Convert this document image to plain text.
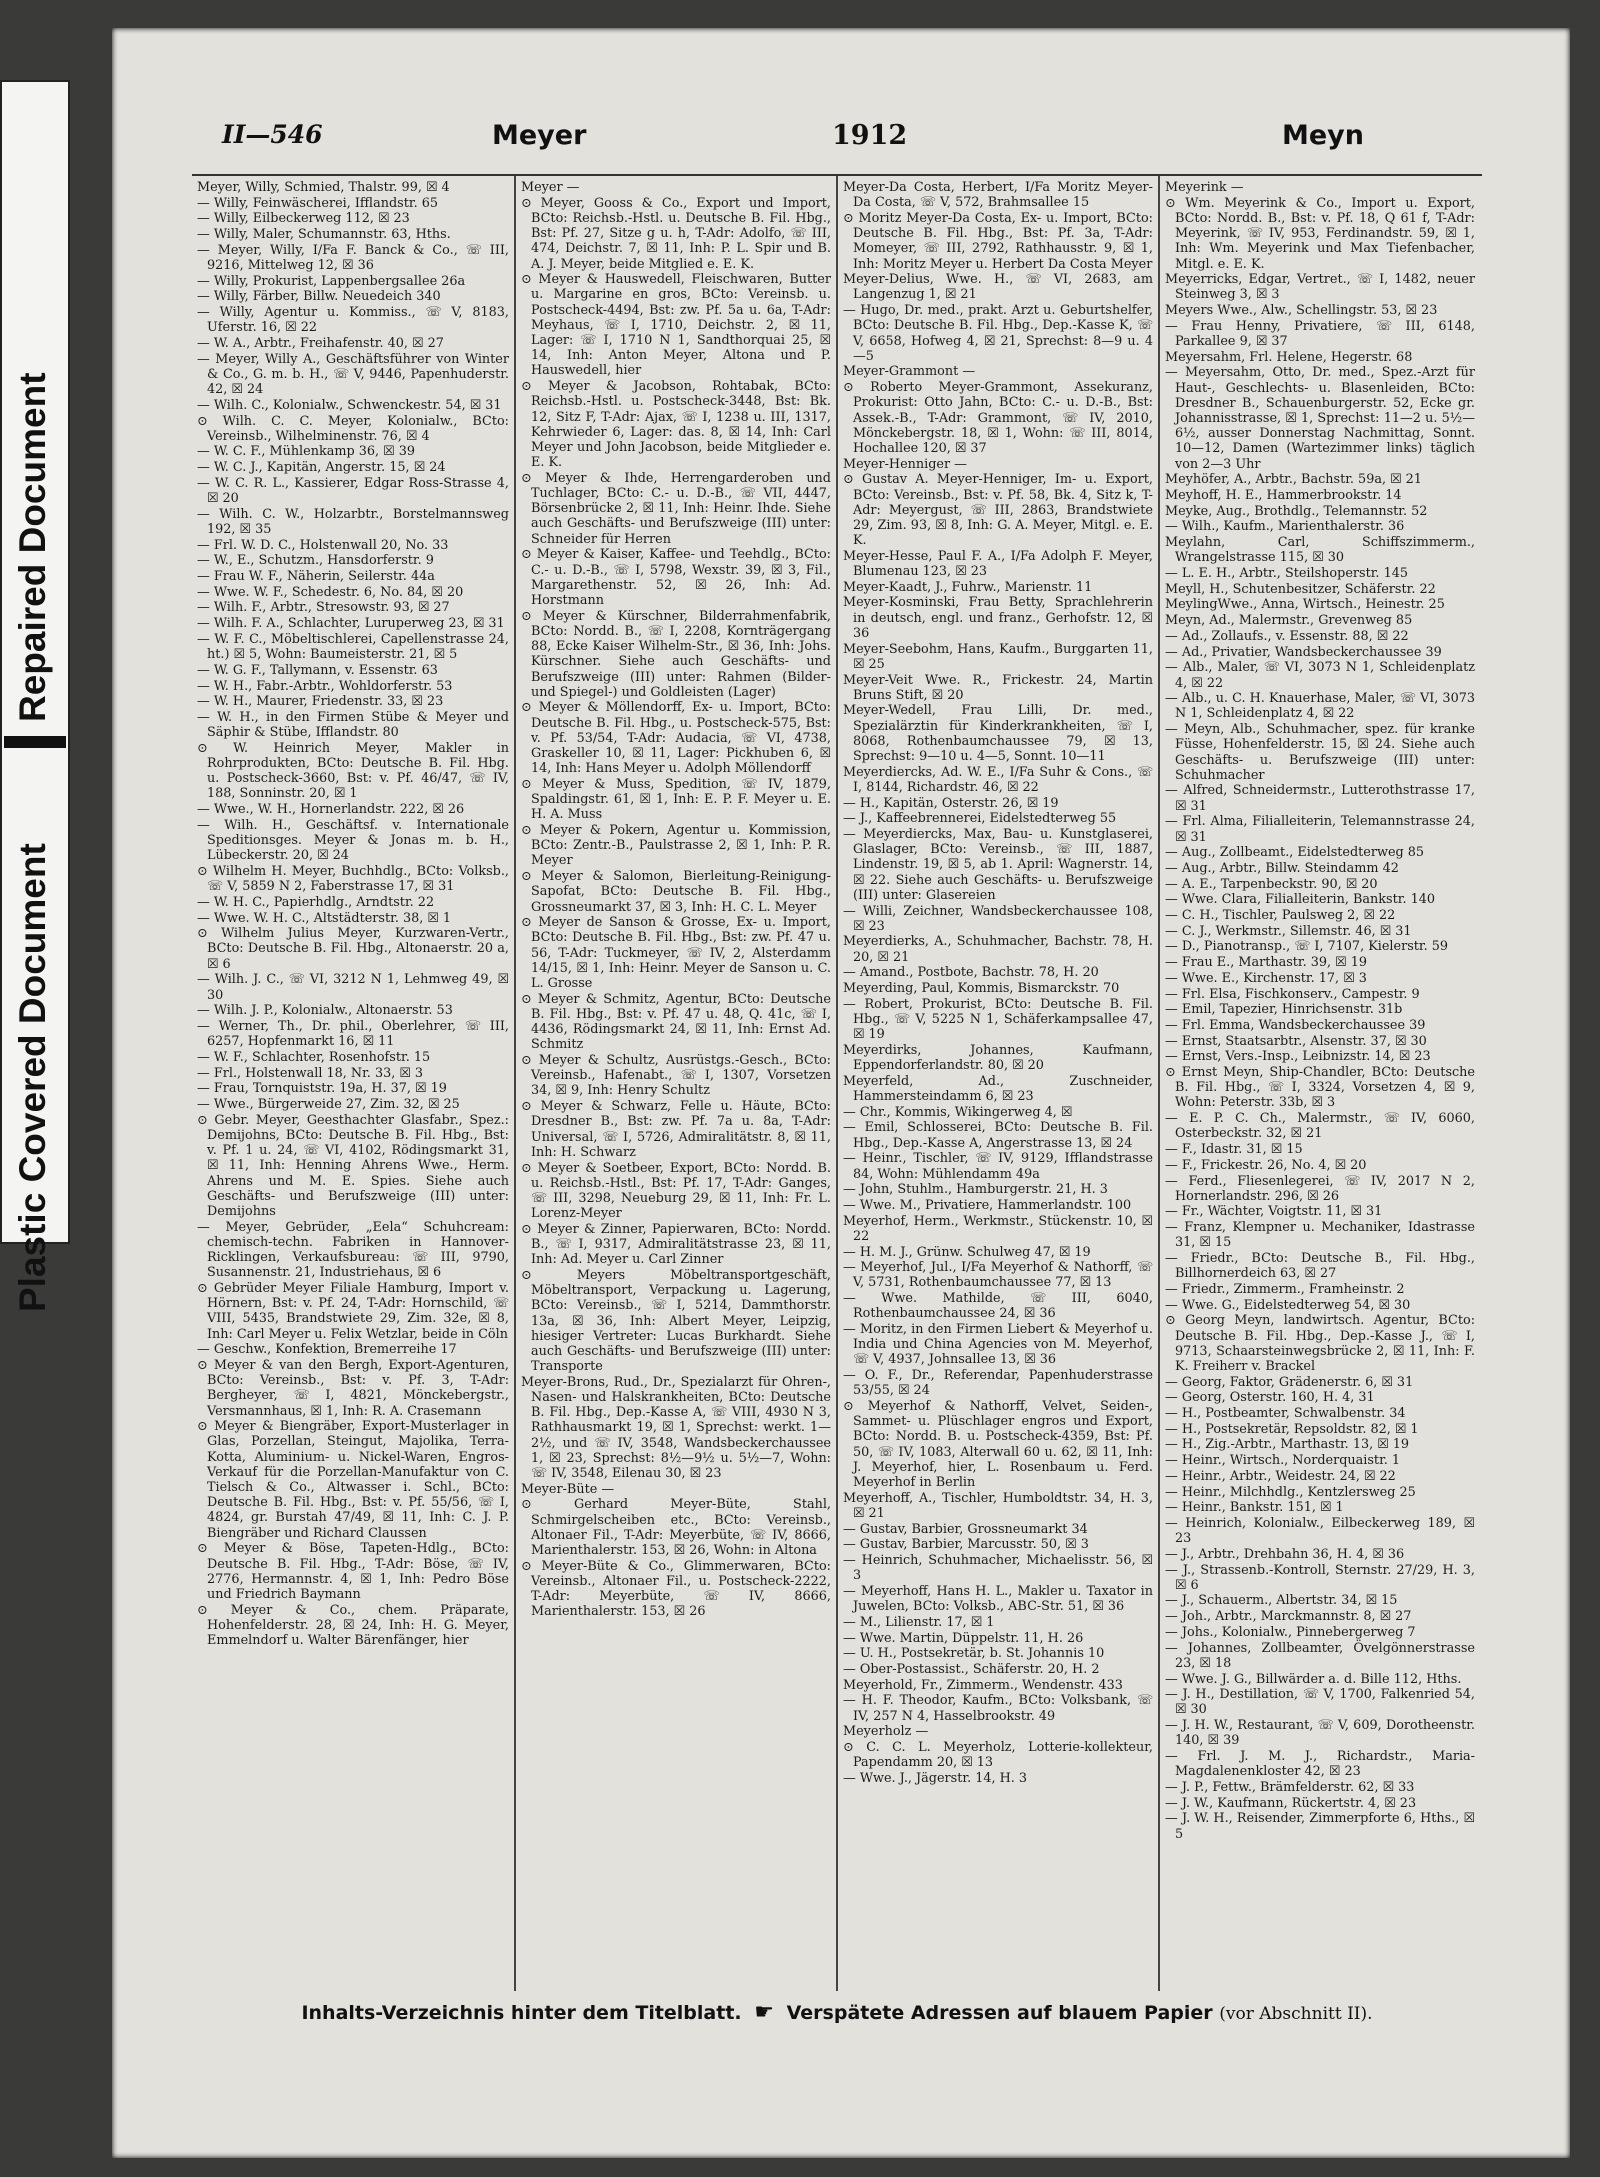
Repaired Document
Plastic Covered Document
II—546	Meyer	1912	Meyn
Meyer, Willy, Schmied, Thalstr. 99, ☒ 4
— Willy, Feinwäscherei, Ifflandstr. 65
— Willy, Eilbeckerweg 112, ☒ 23
— Willy, Maler, Schumannstr. 63, Hths.
— Meyer, Willy, I/Fa F. Banck & Co., ☏ III, 9216, Mittelweg 12, ☒ 36
— Willy, Prokurist, Lappenbergsallee 26a
— Willy, Färber, Billw. Neuedeich 340
— Willy, Agentur u. Kommiss., ☏ V, 8183, Uferstr. 16, ☒ 22
— W. A., Arbtr., Freihafenstr. 40, ☒ 27
— Meyer, Willy A., Geschäftsführer von Winter & Co., G. m. b. H., ☏ V, 9446, Papenhuderstr. 42, ☒ 24
— Wilh. C., Kolonialw., Schwenckestr. 54, ☒ 31
⊙ Wilh. C. C. Meyer, Kolonialw., BCto: Vereinsb., Wilhelminenstr. 76, ☒ 4
— W. C. F., Mühlenkamp 36, ☒ 39
— W. C. J., Kapitän, Angerstr. 15, ☒ 24
— W. C. R. L., Kassierer, Edgar Ross-Strasse 4, ☒ 20
— Wilh. C. W., Holzarbtr., Borstelmannsweg 192, ☒ 35
— Frl. W. D. C., Holstenwall 20, No. 33
— W., E., Schutzm., Hansdorferstr. 9
— Frau W. F., Näherin, Seilerstr. 44a
— Wwe. W. F., Schedestr. 6, No. 84, ☒ 20
— Wilh. F., Arbtr., Stresowstr. 93, ☒ 27
— Wilh. F. A., Schlachter, Luruperweg 23, ☒ 31
— W. F. C., Möbeltischlerei, Capellenstrasse 24, ht.) ☒ 5, Wohn: Baumeisterstr. 21, ☒ 5
— W. G. F., Tallymann, v. Essenstr. 63
— W. H., Fabr.-Arbtr., Wohldorferstr. 53
— W. H., Maurer, Friedenstr. 33, ☒ 23
— W. H., in den Firmen Stübe & Meyer und Säphir & Stübe, Ifflandstr. 80
⊙ W. Heinrich Meyer, Makler in Rohrprodukten, BCto: Deutsche B. Fil. Hbg. u. Postscheck-3660, Bst: v. Pf. 46/47, ☏ IV, 188, Sonninstr. 20, ☒ 1
— Wwe., W. H., Hornerlandstr. 222, ☒ 26
— Wilh. H., Geschäftsf. v. Internationale Speditionsges. Meyer & Jonas m. b. H., Lübeckerstr. 20, ☒ 24
⊙ Wilhelm H. Meyer, Buchhdlg., BCto: Volksb., ☏ V, 5859 N 2, Faberstrasse 17, ☒ 31
— W. H. C., Papierhdlg., Arndtstr. 22
— Wwe. W. H. C., Altstädterstr. 38, ☒ 1
⊙ Wilhelm Julius Meyer, Kurzwaren-Vertr., BCto: Deutsche B. Fil. Hbg., Altonaerstr. 20 a, ☒ 6
— Wilh. J. C., ☏ VI, 3212 N 1, Lehmweg 49, ☒ 30
— Wilh. J. P., Kolonialw., Altonaerstr. 53
— Werner, Th., Dr. phil., Oberlehrer, ☏ III, 6257, Hopfenmarkt 16, ☒ 11
— W. F., Schlachter, Rosenhofstr. 15
— Frl., Holstenwall 18, Nr. 33, ☒ 3
— Frau, Tornquiststr. 19a, H. 37, ☒ 19
— Wwe., Bürgerweide 27, Zim. 32, ☒ 25
⊙ Gebr. Meyer, Geesthachter Glasfabr., Spez.: Demijohns, BCto: Deutsche B. Fil. Hbg., Bst: v. Pf. 1 u. 24, ☏ VI, 4102, Rödingsmarkt 31, ☒ 11, Inh: Henning Ahrens Wwe., Herm. Ahrens und M. E. Spies. Siehe auch Geschäfts- und Berufszweige (III) unter: Demijohns
— Meyer, Gebrüder, „Eela“ Schuhcream: chemisch-techn. Fabriken in Hannover-Ricklingen, Verkaufsbureau: ☏ III, 9790, Susannenstr. 21, Industriehaus, ☒ 6
⊙ Gebrüder Meyer Filiale Hamburg, Import v. Hörnern, Bst: v. Pf. 24, T-Adr: Hornschild, ☏ VIII, 5435, Brandstwiete 29, Zim. 32e, ☒ 8, Inh: Carl Meyer u. Felix Wetzlar, beide in Cöln
— Geschw., Konfektion, Bremerreihe 17
⊙ Meyer & van den Bergh, Export-Agenturen, BCto: Vereinsb., Bst: v. Pf. 3, T-Adr: Bergheyer, ☏ I, 4821, Mönckebergstr., Versmannhaus, ☒ 1, Inh: R. A. Crasemann
⊙ Meyer & Biengräber, Export-Musterlager in Glas, Porzellan, Steingut, Majolika, Terra-Kotta, Aluminium- u. Nickel-Waren, Engros-Verkauf für die Porzellan-Manufaktur von C. Tielsch & Co., Altwasser i. Schl., BCto: Deutsche B. Fil. Hbg., Bst: v. Pf. 55/56, ☏ I, 4824, gr. Burstah 47/49, ☒ 11, Inh: C. J. P. Biengräber und Richard Claussen
⊙ Meyer & Böse, Tapeten-Hdlg., BCto: Deutsche B. Fil. Hbg., T-Adr: Böse, ☏ IV, 2776, Hermannstr. 4, ☒ 1, Inh: Pedro Böse und Friedrich Baymann
⊙ Meyer & Co., chem. Präparate, Hohenfelderstr. 28, ☒ 24, Inh: H. G. Meyer, Emmelndorf u. Walter Bärenfänger, hier
Meyer —
⊙ Meyer, Gooss & Co., Export und Import, BCto: Reichsb.-Hstl. u. Deutsche B. Fil. Hbg., Bst: Pf. 27, Sitze g u. h, T-Adr: Adolfo, ☏ III, 474, Deichstr. 7, ☒ 11, Inh: P. L. Spir und B. A. J. Meyer, beide Mitglied e. E. K.
⊙ Meyer & Hauswedell, Fleischwaren, Butter u. Margarine en gros, BCto: Vereinsb. u. Postscheck-4494, Bst: zw. Pf. 5a u. 6a, T-Adr: Meyhaus, ☏ I, 1710, Deichstr. 2, ☒ 11, Lager: ☏ I, 1710 N 1, Sandthorquai 25, ☒ 14, Inh: Anton Meyer, Altona und P. Hauswedell, hier
⊙ Meyer & Jacobson, Rohtabak, BCto: Reichsb.-Hstl. u. Postscheck-3448, Bst: Bk. 12, Sitz F, T-Adr: Ajax, ☏ I, 1238 u. III, 1317, Kehrwieder 6, Lager: das. 8, ☒ 14, Inh: Carl Meyer und John Jacobson, beide Mitglieder e. E. K.
⊙ Meyer & Ihde, Herrengarderoben und Tuchlager, BCto: C.- u. D.-B., ☏ VII, 4447, Börsenbrücke 2, ☒ 11, Inh: Heinr. Ihde. Siehe auch Geschäfts- und Berufszweige (III) unter: Schneider für Herren
⊙ Meyer & Kaiser, Kaffee- und Teehdlg., BCto: C.- u. D.-B., ☏ I, 5798, Wexstr. 39, ☒ 3, Fil., Margarethenstr. 52, ☒ 26, Inh: Ad. Horstmann
⊙ Meyer & Kürschner, Bilderrahmenfabrik, BCto: Nordd. B., ☏ I, 2208, Kornträgergang 88, Ecke Kaiser Wilhelm-Str., ☒ 36, Inh: Johs. Kürschner. Siehe auch Geschäfts- und Berufszweige (III) unter: Rahmen (Bilder- und Spiegel-) und Goldleisten (Lager)
⊙ Meyer & Möllendorff, Ex- u. Import, BCto: Deutsche B. Fil. Hbg., u. Postscheck-575, Bst: v. Pf. 53/54, T-Adr: Audacia, ☏ VI, 4738, Graskeller 10, ☒ 11, Lager: Pickhuben 6, ☒ 14, Inh: Hans Meyer u. Adolph Möllendorff
⊙ Meyer & Muss, Spedition, ☏ IV, 1879, Spaldingstr. 61, ☒ 1, Inh: E. P. F. Meyer u. E. H. A. Muss
⊙ Meyer & Pokern, Agentur u. Kommission, BCto: Zentr.-B., Paulstrasse 2, ☒ 1, Inh: P. R. Meyer
⊙ Meyer & Salomon, Bierleitung-Reinigung-Sapofat, BCto: Deutsche B. Fil. Hbg., Grossneumarkt 37, ☒ 3, Inh: H. C. L. Meyer
⊙ Meyer de Sanson & Grosse, Ex- u. Import, BCto: Deutsche B. Fil. Hbg., Bst: zw. Pf. 47 u. 56, T-Adr: Tuckmeyer, ☏ IV, 2, Alsterdamm 14/15, ☒ 1, Inh: Heinr. Meyer de Sanson u. C. L. Grosse
⊙ Meyer & Schmitz, Agentur, BCto: Deutsche B. Fil. Hbg., Bst: v. Pf. 47 u. 48, Q. 41c, ☏ I, 4436, Rödingsmarkt 24, ☒ 11, Inh: Ernst Ad. Schmitz
⊙ Meyer & Schultz, Ausrüstgs.-Gesch., BCto: Vereinsb., Hafenabt., ☏ I, 1307, Vorsetzen 34, ☒ 9, Inh: Henry Schultz
⊙ Meyer & Schwarz, Felle u. Häute, BCto: Dresdner B., Bst: zw. Pf. 7a u. 8a, T-Adr: Universal, ☏ I, 5726, Admiralitätstr. 8, ☒ 11, Inh: H. Schwarz
⊙ Meyer & Soetbeer, Export, BCto: Nordd. B. u. Reichsb.-Hstl., Bst: Pf. 17, T-Adr: Ganges, ☏ III, 3298, Neueburg 29, ☒ 11, Inh: Fr. L. Lorenz-Meyer
⊙ Meyer & Zinner, Papierwaren, BCto: Nordd. B., ☏ I, 9317, Admiralitätstrasse 23, ☒ 11, Inh: Ad. Meyer u. Carl Zinner
⊙ Meyers Möbeltransportgeschäft, Möbeltransport, Verpackung u. Lagerung, BCto: Vereinsb., ☏ I, 5214, Dammthorstr. 13a, ☒ 36, Inh: Albert Meyer, Leipzig, hiesiger Vertreter: Lucas Burkhardt. Siehe auch Geschäfts- und Berufszweige (III) unter: Transporte
Meyer-Brons, Rud., Dr., Spezialarzt für Ohren-, Nasen- und Halskrankheiten, BCto: Deutsche B. Fil. Hbg., Dep.-Kasse A, ☏ VIII, 4930 N 3, Rathhausmarkt 19, ☒ 1, Sprechst: werkt. 1—2½, und ☏ IV, 3548, Wandsbeckerchaussee 1, ☒ 23, Sprechst: 8½—9½ u. 5½—7, Wohn: ☏ IV, 3548, Eilenau 30, ☒ 23
Meyer-Büte —
⊙ Gerhard Meyer-Büte, Stahl, Schmirgelscheiben etc., BCto: Vereinsb., Altonaer Fil., T-Adr: Meyerbüte, ☏ IV, 8666, Marienthalerstr. 153, ☒ 26, Wohn: in Altona
⊙ Meyer-Büte & Co., Glimmerwaren, BCto: Vereinsb., Altonaer Fil., u. Postscheck-2222, T-Adr: Meyerbüte, ☏ IV, 8666, Marienthalerstr. 153, ☒ 26
Meyer-Da Costa, Herbert, I/Fa Moritz Meyer-Da Costa, ☏ V, 572, Brahmsallee 15
⊙ Moritz Meyer-Da Costa, Ex- u. Import, BCto: Deutsche B. Fil. Hbg., Bst: Pf. 3a, T-Adr: Momeyer, ☏ III, 2792, Rathhausstr. 9, ☒ 1, Inh: Moritz Meyer u. Herbert Da Costa Meyer
Meyer-Delius, Wwe. H., ☏ VI, 2683, am Langenzug 1, ☒ 21
— Hugo, Dr. med., prakt. Arzt u. Geburtshelfer, BCto: Deutsche B. Fil. Hbg., Dep.-Kasse K, ☏ V, 6658, Hofweg 4, ☒ 21, Sprechst: 8—9 u. 4—5
Meyer-Grammont —
⊙ Roberto Meyer-Grammont, Assekuranz, Prokurist: Otto Jahn, BCto: C.- u. D.-B., Bst: Assek.-B., T-Adr: Grammont, ☏ IV, 2010, Mönckebergstr. 18, ☒ 1, Wohn: ☏ III, 8014, Hochallee 120, ☒ 37
Meyer-Henniger —
⊙ Gustav A. Meyer-Henniger, Im- u. Export, BCto: Vereinsb., Bst: v. Pf. 58, Bk. 4, Sitz k, T-Adr: Meyergust, ☏ III, 2863, Brandstwiete 29, Zim. 93, ☒ 8, Inh: G. A. Meyer, Mitgl. e. E. K.
Meyer-Hesse, Paul F. A., I/Fa Adolph F. Meyer, Blumenau 123, ☒ 23
Meyer-Kaadt, J., Fuhrw., Marienstr. 11
Meyer-Kosminski, Frau Betty, Sprachlehrerin in deutsch, engl. und franz., Gerhofstr. 12, ☒ 36
Meyer-Seebohm, Hans, Kaufm., Burggarten 11, ☒ 25
Meyer-Veit Wwe. R., Frickestr. 24, Martin Bruns Stift, ☒ 20
Meyer-Wedell, Frau Lilli, Dr. med., Spezialärztin für Kinderkrankheiten, ☏ I, 8068, Rothenbaumchaussee 79, ☒ 13, Sprechst: 9—10 u. 4—5, Sonnt. 10—11
Meyerdiercks, Ad. W. E., I/Fa Suhr & Cons., ☏ I, 8144, Richardstr. 46, ☒ 22
— H., Kapitän, Osterstr. 26, ☒ 19
— J., Kaffeebrennerei, Eidelstedterweg 55
— Meyerdiercks, Max, Bau- u. Kunstglaserei, Glaslager, BCto: Vereinsb., ☏ III, 1887, Lindenstr. 19, ☒ 5, ab 1. April: Wagnerstr. 14, ☒ 22. Siehe auch Geschäfts- u. Berufszweige (III) unter: Glasereien
— Willi, Zeichner, Wandsbeckerchaussee 108, ☒ 23
Meyerdierks, A., Schuhmacher, Bachstr. 78, H. 20, ☒ 21
— Amand., Postbote, Bachstr. 78, H. 20
Meyerding, Paul, Kommis, Bismarckstr. 70
— Robert, Prokurist, BCto: Deutsche B. Fil. Hbg., ☏ V, 5225 N 1, Schäferkampsallee 47, ☒ 19
Meyerdirks, Johannes, Kaufmann, Eppendorferlandstr. 80, ☒ 20
Meyerfeld, Ad., Zuschneider, Hammersteindamm 6, ☒ 23
— Chr., Kommis, Wikingerweg 4, ☒
— Emil, Schlosserei, BCto: Deutsche B. Fil. Hbg., Dep.-Kasse A, Angerstrasse 13, ☒ 24
— Heinr., Tischler, ☏ IV, 9129, Ifflandstrasse 84, Wohn: Mühlendamm 49a
— John, Stuhlm., Hamburgerstr. 21, H. 3
— Wwe. M., Privatiere, Hammerlandstr. 100
Meyerhof, Herm., Werkmstr., Stückenstr. 10, ☒ 22
— H. M. J., Grünw. Schulweg 47, ☒ 19
— Meyerhof, Jul., I/Fa Meyerhof & Nathorff, ☏ V, 5731, Rothenbaumchaussee 77, ☒ 13
— Wwe. Mathilde, ☏ III, 6040, Rothenbaumchaussee 24, ☒ 36
— Moritz, in den Firmen Liebert & Meyerhof u. India und China Agencies von M. Meyerhof, ☏ V, 4937, Johnsallee 13, ☒ 36
— O. F., Dr., Referendar, Papenhuderstrasse 53/55, ☒ 24
⊙ Meyerhof & Nathorff, Velvet, Seiden-, Sammet- u. Plüschlager engros und Export, BCto: Nordd. B. u. Postscheck-4359, Bst: Pf. 50, ☏ IV, 1083, Alterwall 60 u. 62, ☒ 11, Inh: J. Meyerhof, hier, L. Rosenbaum u. Ferd. Meyerhof in Berlin
Meyerhoff, A., Tischler, Humboldtstr. 34, H. 3, ☒ 21
— Gustav, Barbier, Grossneumarkt 34
— Gustav, Barbier, Marcusstr. 50, ☒ 3
— Heinrich, Schuhmacher, Michaelisstr. 56, ☒ 3
— Meyerhoff, Hans H. L., Makler u. Taxator in Juwelen, BCto: Volksb., ABC-Str. 51, ☒ 36
— M., Lilienstr. 17, ☒ 1
— Wwe. Martin, Düppelstr. 11, H. 26
— U. H., Postsekretär, b. St. Johannis 10
— Ober-Postassist., Schäferstr. 20, H. 2
Meyerhold, Fr., Zimmerm., Wendenstr. 433
— H. F. Theodor, Kaufm., BCto: Volksbank, ☏ IV, 257 N 4, Hasselbrookstr. 49
Meyerholz —
⊙ C. C. L. Meyerholz, Lotterie-kollekteur, Papendamm 20, ☒ 13
— Wwe. J., Jägerstr. 14, H. 3
Meyerink —
⊙ Wm. Meyerink & Co., Import u. Export, BCto: Nordd. B., Bst: v. Pf. 18, Q 61 f, T-Adr: Meyerink, ☏ IV, 953, Ferdinandstr. 59, ☒ 1, Inh: Wm. Meyerink und Max Tiefenbacher, Mitgl. e. E. K.
Meyerricks, Edgar, Vertret., ☏ I, 1482, neuer Steinweg 3, ☒ 3
Meyers Wwe., Alw., Schellingstr. 53, ☒ 23
— Frau Henny, Privatiere, ☏ III, 6148, Parkallee 9, ☒ 37
Meyersahm, Frl. Helene, Hegerstr. 68
— Meyersahm, Otto, Dr. med., Spez.-Arzt für Haut-, Geschlechts- u. Blasenleiden, BCto: Dresdner B., Schauenburgerstr. 52, Ecke gr. Johannisstrasse, ☒ 1, Sprechst: 11—2 u. 5½—6½, ausser Donnerstag Nachmittag, Sonnt. 10—12, Damen (Wartezimmer links) täglich von 2—3 Uhr
Meyhöfer, A., Arbtr., Bachstr. 59a, ☒ 21
Meyhoff, H. E., Hammerbrookstr. 14
Meyke, Aug., Brothdlg., Telemannstr. 52
— Wilh., Kaufm., Marienthalerstr. 36
Meylahn, Carl, Schiffszimmerm., Wrangelstrasse 115, ☒ 30
— L. E. H., Arbtr., Steilshoperstr. 145
Meyll, H., Schutenbesitzer, Schäferstr. 22
MeylingWwe., Anna, Wirtsch., Heinestr. 25
Meyn, Ad., Malermstr., Grevenweg 85
— Ad., Zollaufs., v. Essenstr. 88, ☒ 22
— Ad., Privatier, Wandsbeckerchaussee 39
— Alb., Maler, ☏ VI, 3073 N 1, Schleidenplatz 4, ☒ 22
— Alb., u. C. H. Knauerhase, Maler, ☏ VI, 3073 N 1, Schleidenplatz 4, ☒ 22
— Meyn, Alb., Schuhmacher, spez. für kranke Füsse, Hohenfelderstr. 15, ☒ 24. Siehe auch Geschäfts- u. Berufszweige (III) unter: Schuhmacher
— Alfred, Schneidermstr., Lutterothstrasse 17, ☒ 31
— Frl. Alma, Filialleiterin, Telemannstrasse 24, ☒ 31
— Aug., Zollbeamt., Eidelstedterweg 85
— Aug., Arbtr., Billw. Steindamm 42
— A. E., Tarpenbeckstr. 90, ☒ 20
— Wwe. Clara, Filialleiterin, Bankstr. 140
— C. H., Tischler, Paulsweg 2, ☒ 22
— C. J., Werkmstr., Sillemstr. 46, ☒ 31
— D., Pianotransp., ☏ I, 7107, Kielerstr. 59
— Frau E., Marthastr. 39, ☒ 19
— Wwe. E., Kirchenstr. 17, ☒ 3
— Frl. Elsa, Fischkonserv., Campestr. 9
— Emil, Tapezier, Hinrichsenstr. 31b
— Frl. Emma, Wandsbeckerchaussee 39
— Ernst, Staatsarbtr., Alsenstr. 37, ☒ 30
— Ernst, Vers.-Insp., Leibnizstr. 14, ☒ 23
⊙ Ernst Meyn, Ship-Chandler, BCto: Deutsche B. Fil. Hbg., ☏ I, 3324, Vorsetzen 4, ☒ 9, Wohn: Peterstr. 33b, ☒ 3
— E. P. C. Ch., Malermstr., ☏ IV, 6060, Osterbeckstr. 32, ☒ 21
— F., Idastr. 31, ☒ 15
— F., Frickestr. 26, No. 4, ☒ 20
— Ferd., Fliesenlegerei, ☏ IV, 2017 N 2, Hornerlandstr. 296, ☒ 26
— Fr., Wächter, Voigtstr. 11, ☒ 31
— Franz, Klempner u. Mechaniker, Idastrasse 31, ☒ 15
— Friedr., BCto: Deutsche B., Fil. Hbg., Billhornerdeich 63, ☒ 27
— Friedr., Zimmerm., Framheinstr. 2
— Wwe. G., Eidelstedterweg 54, ☒ 30
⊙ Georg Meyn, landwirtsch. Agentur, BCto: Deutsche B. Fil. Hbg., Dep.-Kasse J., ☏ I, 9713, Schaarsteinwegsbrücke 2, ☒ 11, Inh: F. K. Freiherr v. Brackel
— Georg, Faktor, Grädenerstr. 6, ☒ 31
— Georg, Osterstr. 160, H. 4, 31
— H., Postbeamter, Schwalbenstr. 34
— H., Postsekretär, Repsoldstr. 82, ☒ 1
— H., Zig.-Arbtr., Marthastr. 13, ☒ 19
— Heinr., Wirtsch., Norderquaistr. 1
— Heinr., Arbtr., Weidestr. 24, ☒ 22
— Heinr., Milchhdlg., Kentzlersweg 25
— Heinr., Bankstr. 151, ☒ 1
— Heinrich, Kolonialw., Eilbeckerweg 189, ☒ 23
— J., Arbtr., Drehbahn 36, H. 4, ☒ 36
— J., Strassenb.-Kontroll, Sternstr. 27/29, H. 3, ☒ 6
— J., Schauerm., Albertstr. 34, ☒ 15
— Joh., Arbtr., Marckmannstr. 8, ☒ 27
— Johs., Kolonialw., Pinnebergerweg 7
— Johannes, Zollbeamter, Övelgönnerstrasse 23, ☒ 18
— Wwe. J. G., Billwärder a. d. Bille 112, Hths.
— J. H., Destillation, ☏ V, 1700, Falkenried 54, ☒ 30
— J. H. W., Restaurant, ☏ V, 609, Dorotheenstr. 140, ☒ 39
— Frl. J. M. J., Richardstr., Maria-Magdalenenkloster 42, ☒ 23
— J. P., Fettw., Brämfelderstr. 62, ☒ 33
— J. W., Kaufmann, Rückertstr. 4, ☒ 23
— J. W. H., Reisender, Zimmerpforte 6, Hths., ☒ 5
Inhalts-Verzeichnis hinter dem Titelblatt. ☛ Verspätete Adressen auf blauem Papier (vor Abschnitt II).
